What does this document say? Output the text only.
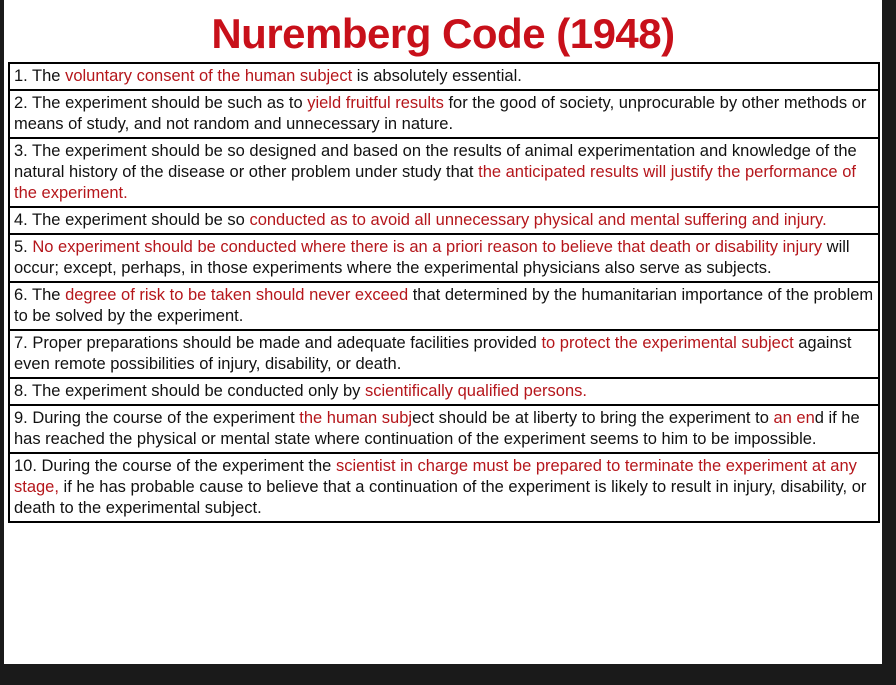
Nuremberg Code (1948)
1. The voluntary consent of the human subject is absolutely essential.
2. The experiment should be such as to yield fruitful results for the good of society, unprocurable by other methods or means of study, and not random and unnecessary in nature.
3. The experiment should be so designed and based on the results of animal experimentation and knowledge of the natural history of the disease or other problem under study that the anticipated results will justify the performance of the experiment.
4. The experiment should be so conducted as to avoid all unnecessary physical and mental suffering and injury.
5. No experiment should be conducted where there is an a priori reason to believe that death or disability injury will occur; except, perhaps, in those experiments where the experimental physicians also serve as subjects.
6. The degree of risk to be taken should never exceed that determined by the humanitarian importance of the problem to be solved by the experiment.
7. Proper preparations should be made and adequate facilities provided to protect the experimental subject against even remote possibilities of injury, disability, or death.
8. The experiment should be conducted only by scientifically qualified persons.
9. During the course of the experiment the human subject should be at liberty to bring the experiment to an end if he has reached the physical or mental state where continuation of the experiment seems to him to be impossible.
10. During the course of the experiment the scientist in charge must be prepared to terminate the experiment at any stage, if he has probable cause to believe that a continuation of the experiment is likely to result in injury, disability, or death to the experimental subject.
